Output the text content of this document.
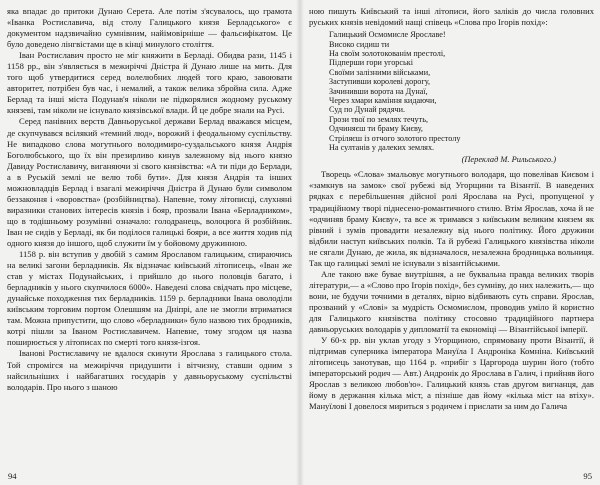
яка впадає до притоки Дунаю Серета. Але потім з'ясувалось, що грамота «Іванка Ростиславича, від столу Галицького князя Берладського» є документом надзвичайно сумнівним, найімовірніше — фальсифікатом. Це було доведено лінгвістами ще в кінці минулого століття.

Іван Ростиславич просто не міг княжити в Берладі. Обидва рази, 1145 і 1158 рр., він з'являється в межиріччі Дністра й Дунаю лише на мить. Для того щоб утвердитися серед волелюбних людей того краю, завоювати авторитет, потрібен був час, і немалий, а також велика збройна сила. Адже Берлад та інші міста Подунав'я ніколи не підкорялися жодному руському князеві, там ніколи не існувало князівської влади. Й це добре знали на Русі.

Серед панівних верств Давньоруської держави Берлад вважався місцем, де скупчувався всілякий «темний люд», ворожий і феодальному суспільству. Не випадково слова могутнього володимиро-суздальського князя Андрія Боголюбського, що їх він презирливо кинув залежному від нього князю Давиду Ростиславичу, виганяючи зі свого князівства: «А ти піди до Берлади, а в Руській землі не велю тобі бути». Для князя Андрія та інших можновладців Берлад і взагалі межиріччя Дністра й Дунаю були символом беззаконня і «воровства» (розбійництва). Напевне, тому літописці, слухняні виразники станових інтересів князів і бояр, прозвали Івана «Берладником», що в тодішньому розумінні означало: голодранець, волоцюга й розбійник. Іван не сидів у Берладі, як би поділося галицькі бояри, а все життя ходив під одного князя до іншого, щоб служити їм у бойовому дружинною.

1158 р. він вступив у двобій з самим Ярославом галицьким, спираючись на великі загони берладників. Як відзначає київський літописець, «Іван же став у містах Подунайських, і прийшло до нього половців багато, і берладників у нього скупчилося 6000». Наведені слова свідчать про місцеве, дунайське походження тих берладників. 1159 р. берладники Івана оволоділи київським торговим портом Олешшям на Дніпрі, але не змогли втриматися там. Можна припустити, що слово «берладники» було назвою тих бродників, котрі пішли за Іваном Ростиславичем. Напевне, тому згодом ця назва поширюється у літописах по смерті того князя-ізгоя.

Іванові Ростиславичу не вдалося скинути Ярослава з галицького стола. Той спромігся на межиріччя придушити і вітчизну, ставши одним з найсильніших і найбагатших государів у давньоруському суспільстві володарів. Про нього з шаною

94

ною пишуть Київський та інші літописи, його заліків до числа головних руських князів невідомий нащі співець «Слова про Ігорів похід»:

Галицький Осмомисле Ярославе!
Високо сидиш ти
На своїм золотокованім престолі,
Підперши гори угорські
Своїми залізними військами,
Заступивши королеві дорогу,
Зачинивши ворота на Дунаї,
Через хмари каміння кидаючи,
Суд по Дунай рядячи.
Грози твої по землях течуть,
Одчиняєш ти браму Києву,
Стріляєш із отчого золотого престолу
На султанів у далеких землях.
(Переклад М. Рильського.)

Творець «Слова» змальовує могутнього володаря, що повелівав Києвом і «замкнув на замок» свої рубежі від Угорщини та Візантії. В наведених рядках є перебільшення дійсної ролі Ярослава на Русі, пропущеної у традиційному творі піднесено-романтичного стилю. Втім Ярослав, хоча й не «одчиняв браму Києву», та все ж тримався з київським великим князем як рівний і зумів провадити незалежну від нього політику. Його дружини відбили наступ київських полків. Та й рубежі Галицького князівства ніколи не сягали Дунаю, де жила, як відзначалося, незалежна бродницька вольниця. Так що галицькі землі не існували з візантійськими.

Але такою вже бувае внутрішня, а не буквальна правда великих творів літератури,— а «Слово про Ігорів похід», без сумніву, до них належить,— що вони, не будучи точними в деталях, вірно відбивають суть справи. Ярослав, прозваний у «Слові» за мудрість Осмомислом, проводив уміло й користно для Галицького князівства політику стосовно традиційного партнера давньоруських володарів у дипломатії та економіці — Візантійської імперії.

У 60-х рр. він уклав угоду з Угорщиною, спрямовану проти Візантії, й підтримав суперника імператора Мануїла І Андроніка Комніна. Київський літописець занотував, що 1164 р. «прибіг з Царгорода шурин його (тобто імператорський родич — Авт.) Андронік до Ярослава в Галич, і прийняв його Ярослав з великою любов'ю». Галицький князь став другом вигнанця, дав йому в держання кілька міст, а пізніше дав йому «кілька міст на втіху». Мануїлові І довелося мириться з родичем і прислати за ним до Галича

95
